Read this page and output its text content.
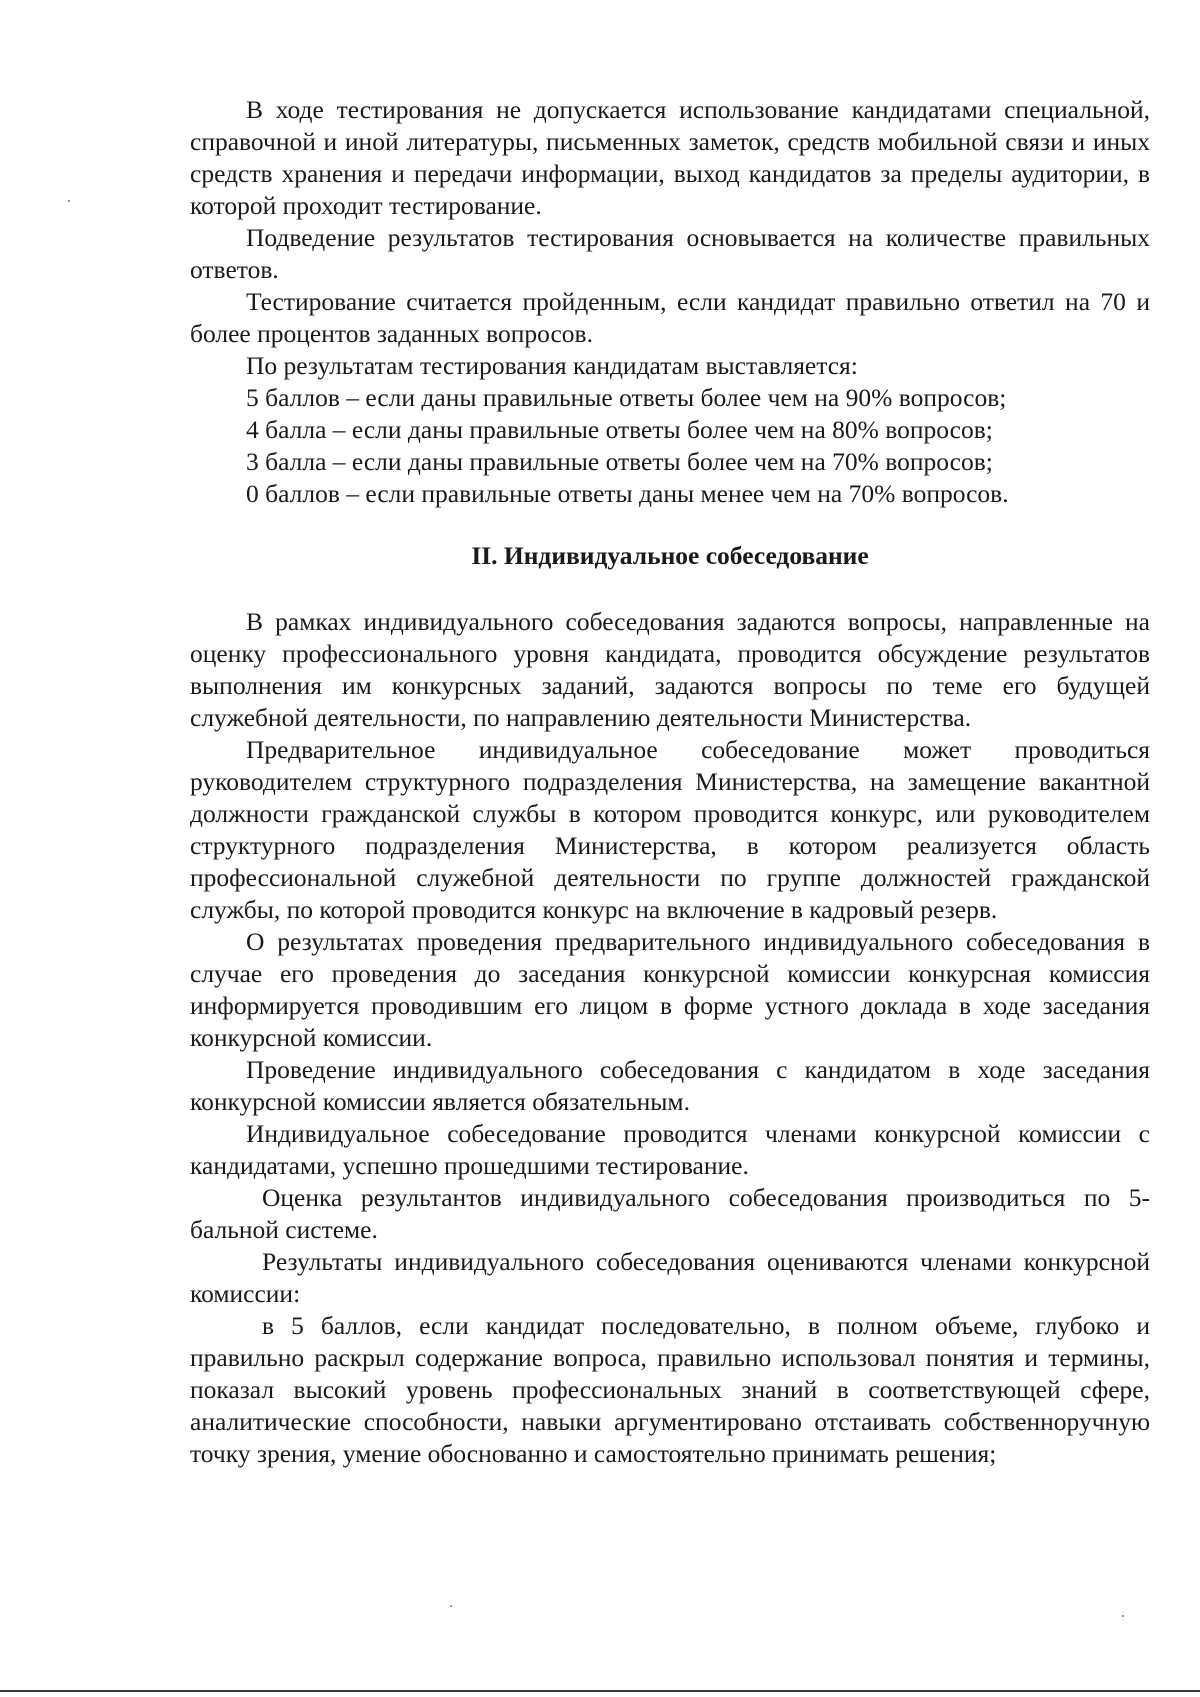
В ходе тестирования не допускается использование кандидатами специальной, справочной и иной литературы, письменных заметок, средств мобильной связи и иных средств хранения и передачи информации, выход кандидатов за пределы аудитории, в которой проходит тестирование.

Подведение результатов тестирования основывается на количестве правильных ответов.

Тестирование считается пройденным, если кандидат правильно ответил на 70 и более процентов заданных вопросов.

По результатам тестирования кандидатам выставляется:

5 баллов – если даны правильные ответы более чем на 90% вопросов;

4 балла – если даны правильные ответы более чем на 80% вопросов;

3 балла – если даны правильные ответы более чем на 70% вопросов;

0 баллов – если правильные ответы даны менее чем на 70% вопросов.

II. Индивидуальное собеседование

В рамках индивидуального собеседования задаются вопросы, направленные на оценку профессионального уровня кандидата, проводится обсуждение результатов выполнения им конкурсных заданий, задаются вопросы по теме его будущей служебной деятельности, по направлению деятельности Министерства.

Предварительное индивидуальное собеседование может проводиться руководителем структурного подразделения Министерства, на замещение вакантной должности гражданской службы в котором проводится конкурс, или руководителем структурного подразделения Министерства, в котором реализуется область профессиональной служебной деятельности по группе должностей гражданской службы, по которой проводится конкурс на включение в кадровый резерв.

О результатах проведения предварительного индивидуального собеседования в случае его проведения до заседания конкурсной комиссии конкурсная комиссия информируется проводившим его лицом в форме устного доклада в ходе заседания конкурсной комиссии.

Проведение индивидуального собеседования с кандидатом в ходе заседания конкурсной комиссии является обязательным.

Индивидуальное собеседование проводится членами конкурсной комиссии с кандидатами, успешно прошедшими тестирование.

Оценка результантов индивидуального собеседования производиться по 5-бальной системе.

Результаты индивидуального собеседования оцениваются членами конкурсной комиссии:

в 5 баллов, если кандидат последовательно, в полном объеме, глубоко и правильно раскрыл содержание вопроса, правильно использовал понятия и термины, показал высокий уровень профессиональных знаний в соответствующей сфере, аналитические способности, навыки аргументировано отстаивать собственноручную точку зрения, умение обоснованно и самостоятельно принимать решения;
